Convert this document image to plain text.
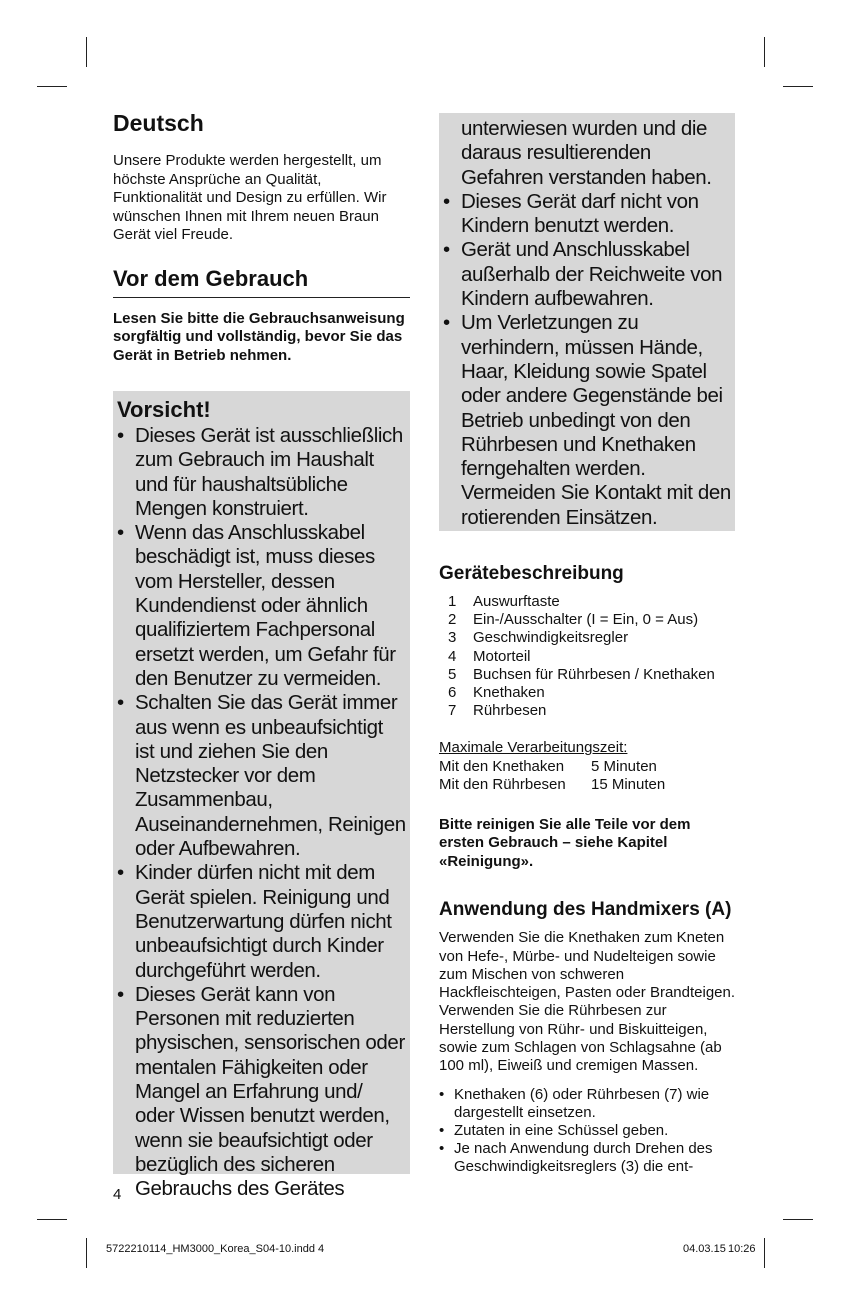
Deutsch

Unsere Produkte werden hergestellt, um höchste Ansprüche an Qualität, Funktionalität und Design zu erfüllen. Wir wünschen Ihnen mit Ihrem neuen Braun Gerät viel Freude.

Vor dem Gebrauch

Lesen Sie bitte die Gebrauchsanweisung sorgfältig und vollständig, bevor Sie das Gerät in Betrieb nehmen.

Vorsicht!
• Dieses Gerät ist ausschließlich zum Gebrauch im Haushalt und für haushaltsübliche Mengen konstruiert.
• Wenn das Anschlusskabel beschädigt ist, muss dieses vom Hersteller, dessen Kundendienst oder ähnlich qualifiziertem Fachpersonal ersetzt werden, um Gefahr für den Benutzer zu vermeiden.
• Schalten Sie das Gerät immer aus wenn es unbeaufsichtigt ist und ziehen Sie den Netzstecker vor dem Zusammenbau, Auseinandernehmen, Reinigen oder Aufbewahren.
• Kinder dürfen nicht mit dem Gerät spielen. Reinigung und Benutzerwartung dürfen nicht unbeaufsichtigt durch Kinder durchgeführt werden.
• Dieses Gerät kann von Personen mit reduzierten physischen, sensorischen oder mentalen Fähigkeiten oder Mangel an Erfahrung und/ oder Wissen benutzt werden, wenn sie beaufsichtigt oder bezüglich des sicheren Gebrauchs des Gerätes
unterwiesen wurden und die daraus resultierenden Gefahren verstanden haben.
• Dieses Gerät darf nicht von Kindern benutzt werden.
• Gerät und Anschlusskabel außerhalb der Reichweite von Kindern aufbewahren.
• Um Verletzungen zu verhindern, müssen Hände, Haar, Kleidung sowie Spatel oder andere Gegenstände bei Betrieb unbedingt von den Rührbesen und Knethaken ferngehalten werden. Vermeiden Sie Kontakt mit den rotierenden Einsätzen.
Gerätebeschreibung
1	Auswurftaste
2	Ein-/Ausschalter (I = Ein, 0 = Aus)
3	Geschwindigkeitsregler
4	Motorteil
5	Buchsen für Rührbesen / Knethaken
6	Knethaken
7	Rührbesen

Maximale Verarbeitungszeit:

Mit den Knethaken	5 Minuten
Mit den Rührbesen	15 Minuten

Bitte reinigen Sie alle Teile vor dem ersten Gebrauch – siehe Kapitel «Reinigung».

Anwendung des Handmixers (A)

Verwenden Sie die Knethaken zum Kneten von Hefe-, Mürbe- und Nudelteigen sowie zum Mischen von schweren Hackfleischteigen, Pasten oder Brandteigen. Verwenden Sie die Rührbesen zur Herstellung von Rühr- und Biskuitteigen, sowie zum Schlagen von Schlagsahne (ab 100 ml), Eiweiß und cremigen Massen.

• Knethaken (6) oder Rührbesen (7) wie dargestellt einsetzen.
• Zutaten in eine Schüssel geben.
• Je nach Anwendung durch Drehen des Geschwindigkeitsreglers (3) die ent-
4
5722210114_HM3000_Korea_S04-10.indd 4	04.03.15 10:26
